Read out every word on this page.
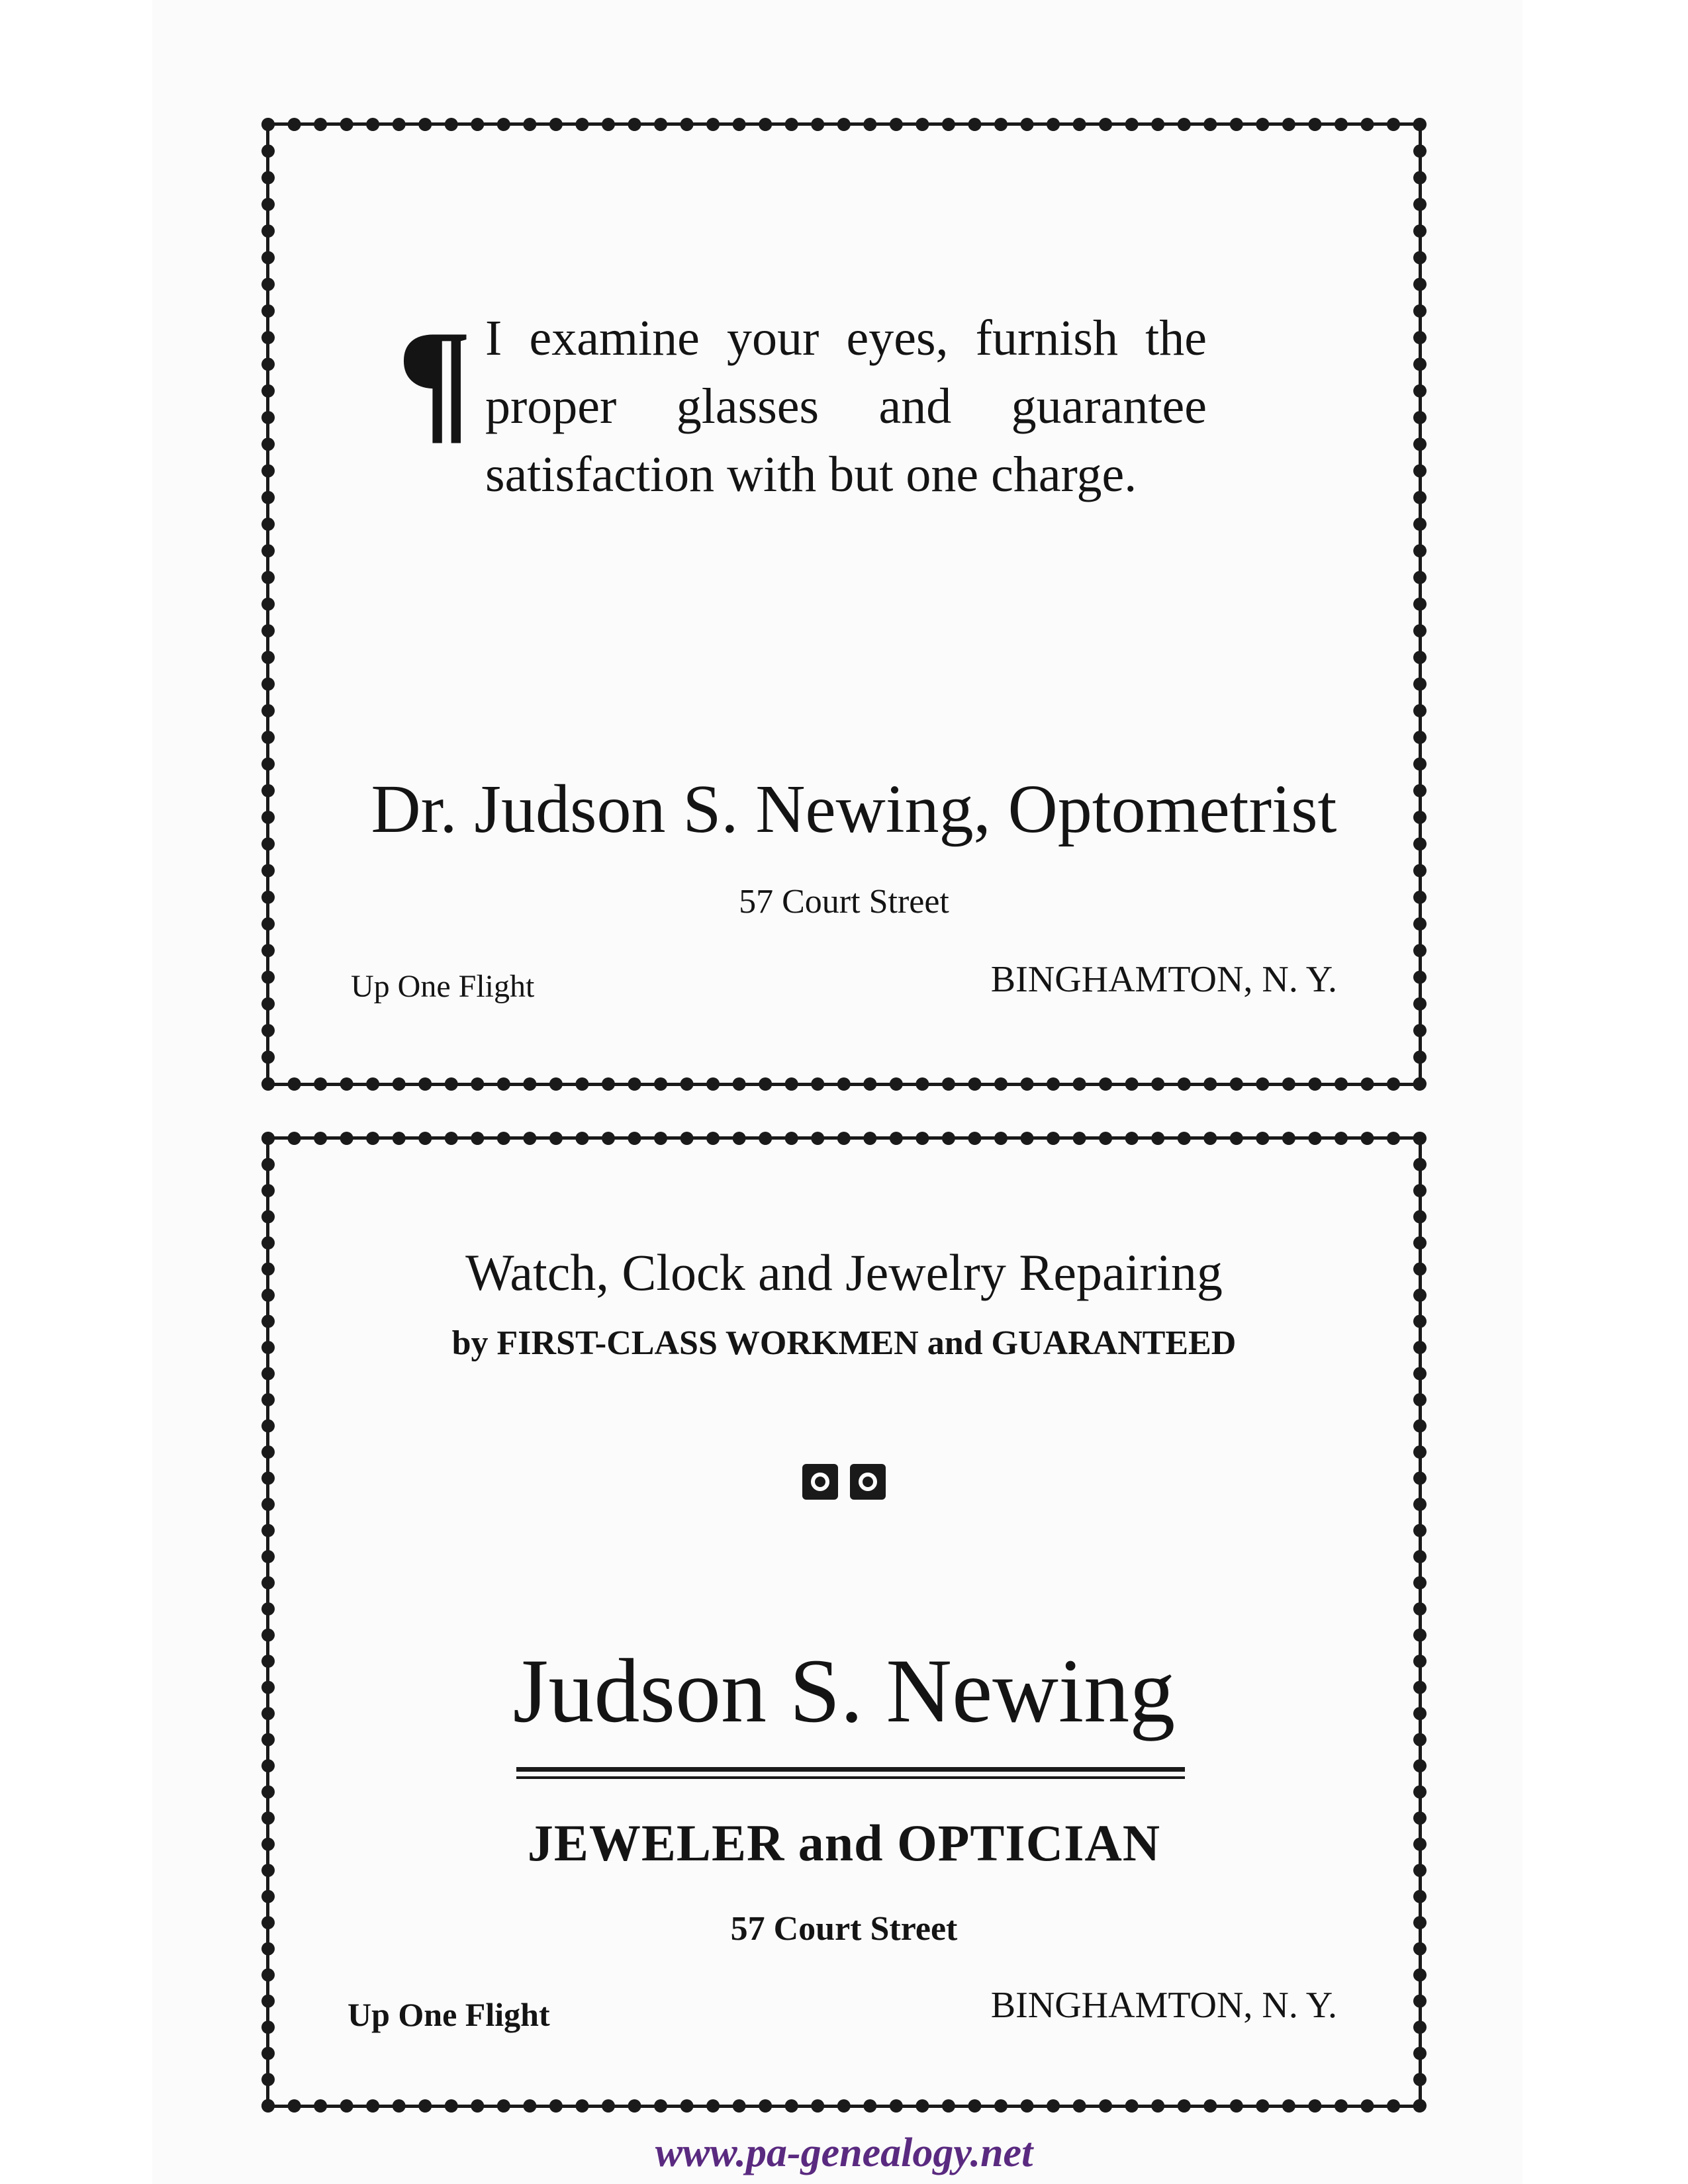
¶ I examine your eyes, furnish the proper glasses and guarantee satisfaction with but one charge.
Dr. Judson S. Newing, Optometrist
57 Court Street
Up One Flight	BINGHAMTON, N. Y.
Watch, Clock and Jewelry Repairing
by FIRST-CLASS WORKMEN and GUARANTEED
Judson S. Newing
JEWELER and OPTICIAN
57 Court Street
Up One Flight	BINGHAMTON, N. Y.
www.pa-genealogy.net
